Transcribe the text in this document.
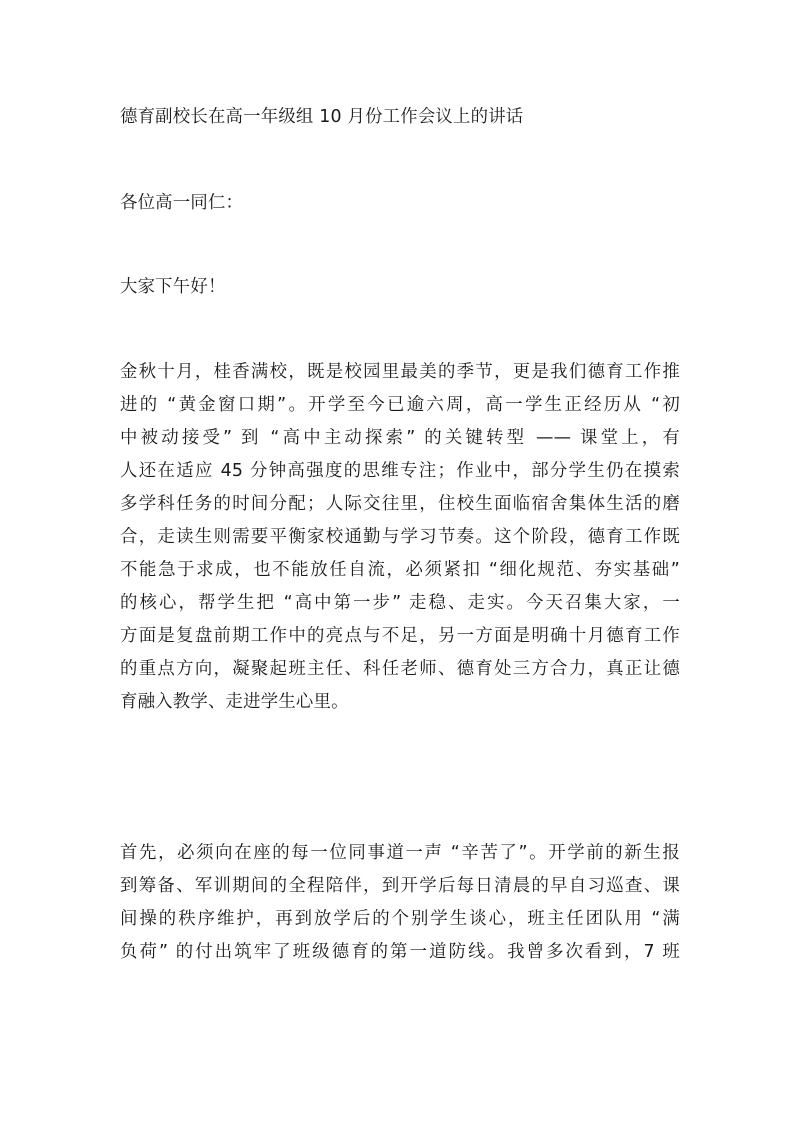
德育副校长在高一年级组 10 月份工作会议上的讲话
各位高一同仁：
大家下午好！
金秋十月，桂香满校，既是校园里最美的季节，更是我们德育工作推
进的 “黄金窗口期”。开学至今已逾六周，高一学生正经历从 “初
中被动接受” 到 “高中主动探索” 的关键转型 —— 课堂上，有
人还在适应 45 分钟高强度的思维专注；作业中，部分学生仍在摸索
多学科任务的时间分配；人际交往里，住校生面临宿舍集体生活的磨
合，走读生则需要平衡家校通勤与学习节奏。这个阶段，德育工作既
不能急于求成，也不能放任自流，必须紧扣 “细化规范、夯实基础”
的核心，帮学生把 “高中第一步” 走稳、走实。今天召集大家，一
方面是复盘前期工作中的亮点与不足，另一方面是明确十月德育工作
的重点方向，凝聚起班主任、科任老师、德育处三方合力，真正让德
育融入教学、走进学生心里。
首先，必须向在座的每一位同事道一声 “辛苦了”。开学前的新生报
到筹备、军训期间的全程陪伴，到开学后每日清晨的早自习巡查、课
间操的秩序维护，再到放学后的个别学生谈心，班主任团队用 “满
负荷” 的付出筑牢了班级德育的第一道防线。我曾多次看到，7 班
